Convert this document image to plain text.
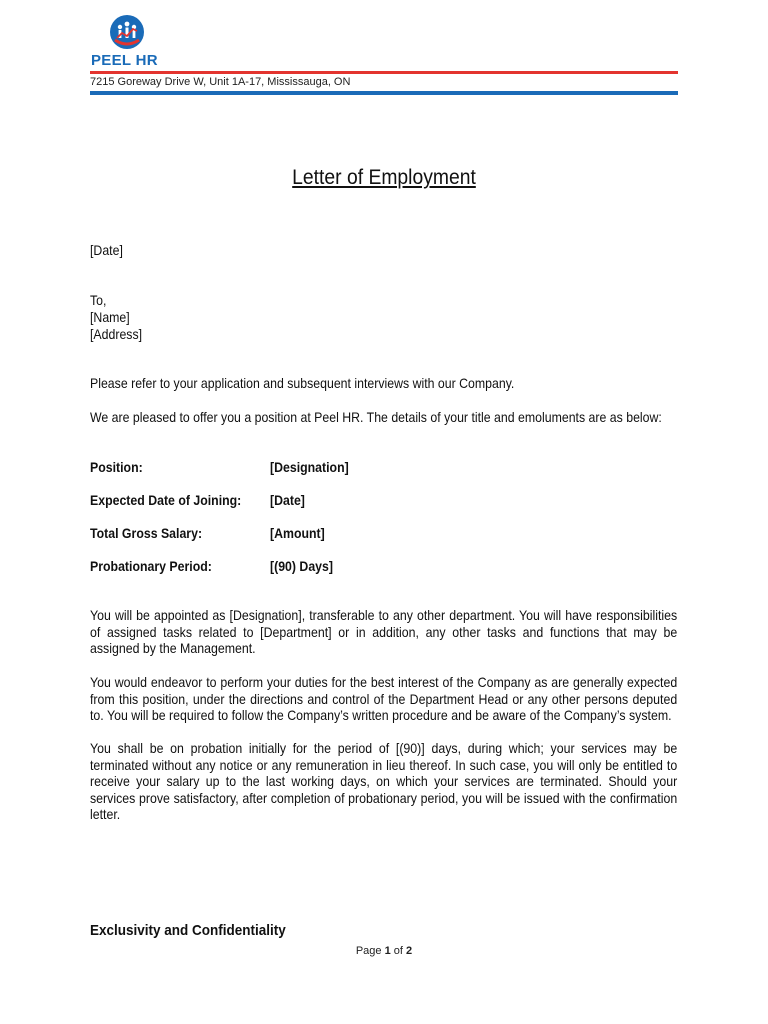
PEEL HR
7215 Goreway Drive W, Unit 1A-17, Mississauga, ON
Letter of Employment
[Date]
To,
[Name]
[Address]
Please refer to your application and subsequent interviews with our Company.
We are pleased to offer you a position at Peel HR. The details of your title and emoluments are as below:
Position:	[Designation]
Expected Date of Joining: [Date]
Total Gross Salary:	[Amount]
Probationary Period:	[(90) Days]
You will be appointed as [Designation], transferable to any other department. You will have responsibilities of assigned tasks related to [Department] or in addition, any other tasks and functions that may be assigned by the Management.
You would endeavor to perform your duties for the best interest of the Company as are generally expected from this position, under the directions and control of the Department Head or any other persons deputed to. You will be required to follow the Company’s written procedure and be aware of the Company’s system.
You shall be on probation initially for the period of [(90)] days, during which; your services may be terminated without any notice or any remuneration in lieu thereof. In such case, you will only be entitled to receive your salary up to the last working days, on which your services are terminated. Should your services prove satisfactory, after completion of probationary period, you will be issued with the confirmation letter.
Exclusivity and Confidentiality
Page 1 of 2
